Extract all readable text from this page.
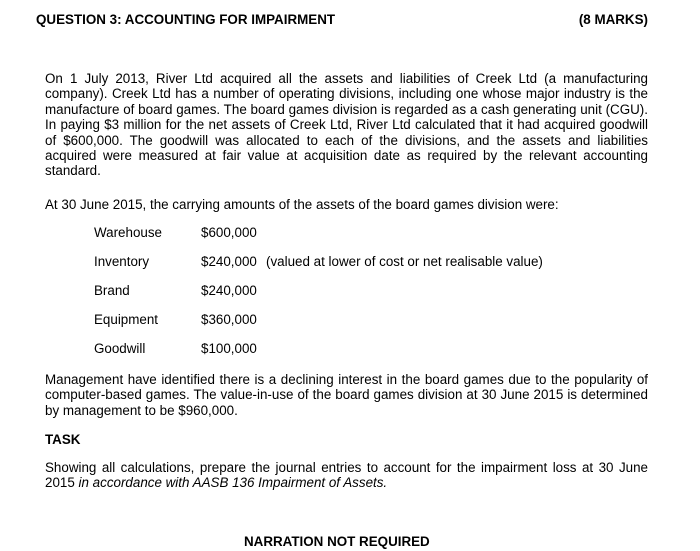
QUESTION 3: ACCOUNTING FOR IMPAIRMENT	(8 MARKS)

On 1 July 2013, River Ltd acquired all the assets and liabilities of Creek Ltd (a manufacturing company). Creek Ltd has a number of operating divisions, including one whose major industry is the manufacture of board games. The board games division is regarded as a cash generating unit (CGU). In paying $3 million for the net assets of Creek Ltd, River Ltd calculated that it had acquired goodwill of $600,000. The goodwill was allocated to each of the divisions, and the assets and liabilities acquired were measured at fair value at acquisition date as required by the relevant accounting standard.

At 30 June 2015, the carrying amounts of the assets of the board games division were:

Warehouse	$600,000
Inventory	$240,000 (valued at lower of cost or net realisable value)
Brand	$240,000
Equipment	$360,000
Goodwill	$100,000

Management have identified there is a declining interest in the board games due to the popularity of computer-based games. The value-in-use of the board games division at 30 June 2015 is determined by management to be $960,000.

TASK

Showing all calculations, prepare the journal entries to account for the impairment loss at 30 June 2015 in accordance with AASB 136 Impairment of Assets.

NARRATION NOT REQUIRED
